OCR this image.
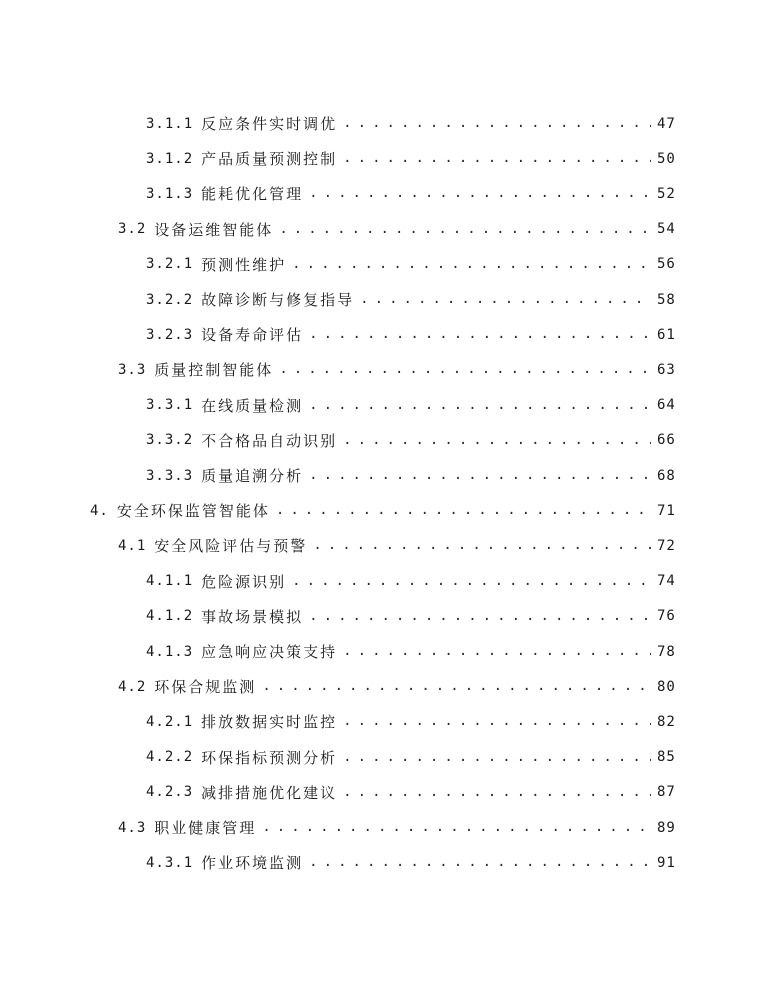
3.1.1 反应条件实时调优 . . .	47
3.1.2 产品质量预测控制 . . .	50
3.1.3 能耗优化管理 . . .	52
3.2 设备运维智能体 . . .	54
3.2.1 预测性维护 . . .	56
3.2.2 故障诊断与修复指导 . . .	58
3.2.3 设备寿命评估 . . .	61
3.3 质量控制智能体 . . .	63
3.3.1 在线质量检测 . . .	64
3.3.2 不合格品自动识别 . . .	66
3.3.3 质量追溯分析 . . .	68
4. 安全环保监管智能体 . . .	71
4.1 安全风险评估与预警 . . .	72
4.1.1 危险源识别 . . .	74
4.1.2 事故场景模拟 . . .	76
4.1.3 应急响应决策支持 . . .	78
4.2 环保合规监测 . . .	80
4.2.1 排放数据实时监控 . . .	82
4.2.2 环保指标预测分析 . . .	85
4.2.3 减排措施优化建议 . . .	87
4.3 职业健康管理 . . .	89
4.3.1 作业环境监测 . . .	91
